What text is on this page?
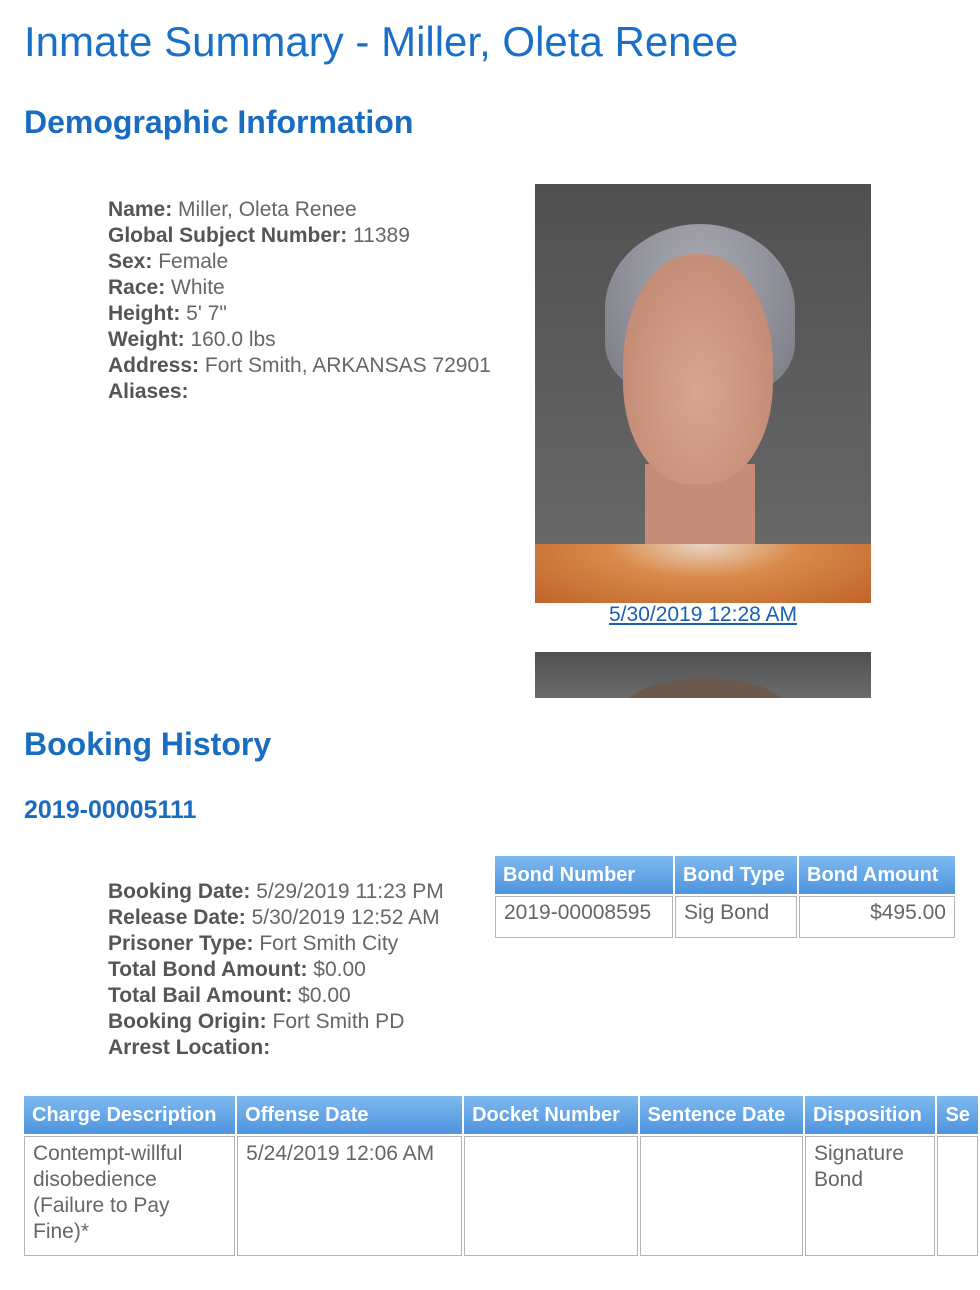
Inmate Summary - Miller, Oleta Renee
Demographic Information
Name: Miller, Oleta Renee
Global Subject Number: 11389
Sex: Female
Race: White
Height: 5' 7"
Weight: 160.0 lbs
Address: Fort Smith, ARKANSAS 72901
Aliases:
5/30/2019 12:28 AM
Booking History
2019-00005111
Booking Date: 5/29/2019 11:23 PM
Release Date: 5/30/2019 12:52 AM
Prisoner Type: Fort Smith City
Total Bond Amount: $0.00
Total Bail Amount: $0.00
Booking Origin: Fort Smith PD
Arrest Location:
Bond Number	Bond Type	Bond Amount
2019-00008595	Sig Bond	$495.00
Charge Description	Offense Date	Docket Number	Sentence Date	Disposition	Se
Contempt-willful disobedience (Failure to Pay Fine)*	5/24/2019 12:06 AM			Signature Bond	
